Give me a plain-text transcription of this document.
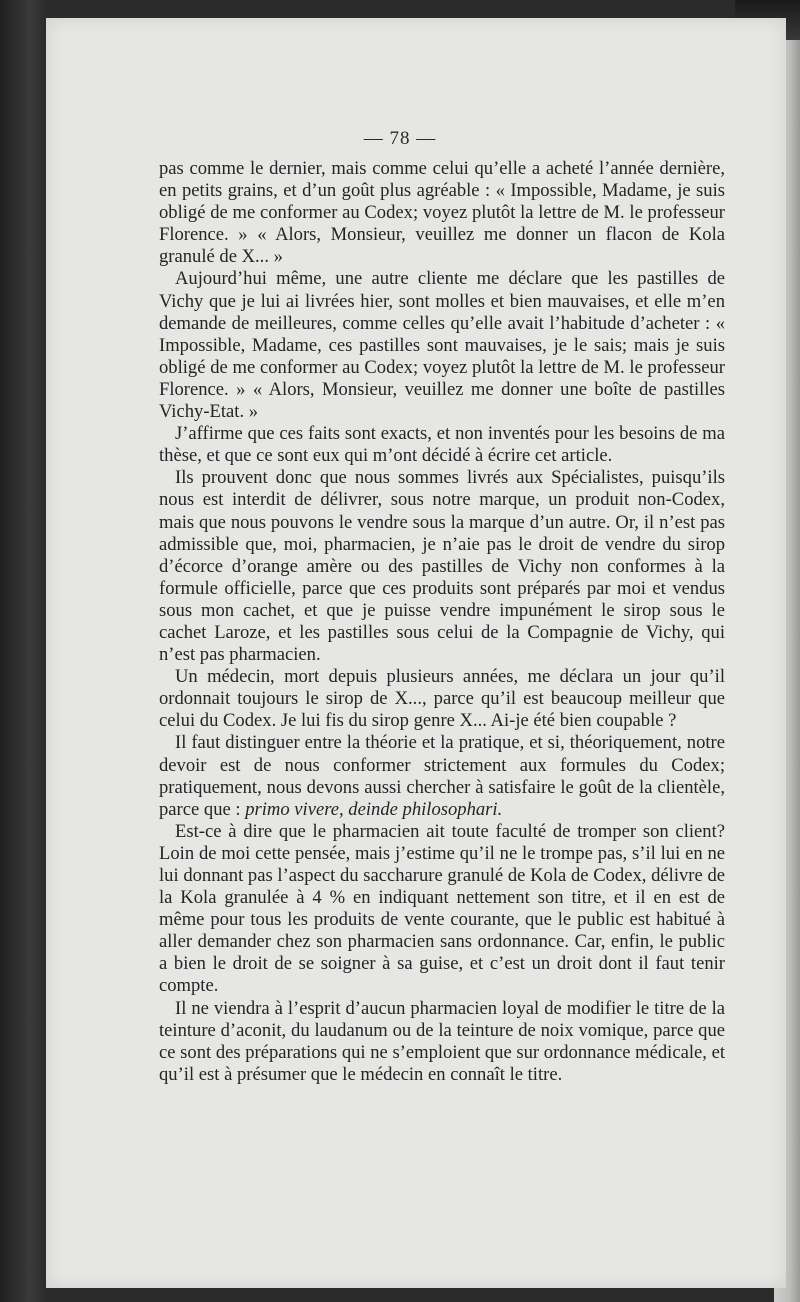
— 78 —

pas comme le dernier, mais comme celui qu’elle a acheté l’année dernière, en petits grains, et d’un goût plus agréable : « Impossible, Madame, je suis obligé de me conformer au Codex; voyez plutôt la lettre de M. le professeur Florence. » « Alors, Monsieur, veuillez me donner un flacon de Kola granulé de X... »

Aujourd’hui même, une autre cliente me déclare que les pastilles de Vichy que je lui ai livrées hier, sont molles et bien mauvaises, et elle m’en demande de meilleures, comme celles qu’elle avait l’habitude d’acheter : « Impossible, Madame, ces pastilles sont mauvaises, je le sais; mais je suis obligé de me conformer au Codex; voyez plutôt la lettre de M. le professeur Florence. » « Alors, Monsieur, veuillez me donner une boîte de pastilles Vichy-Etat. »

J’affirme que ces faits sont exacts, et non inventés pour les besoins de ma thèse, et que ce sont eux qui m’ont décidé à écrire cet article.

Ils prouvent donc que nous sommes livrés aux Spécialistes, puisqu’ils nous est interdit de délivrer, sous notre marque, un produit non-Codex, mais que nous pouvons le vendre sous la marque d’un autre. Or, il n’est pas admissible que, moi, pharmacien, je n’aie pas le droit de vendre du sirop d’écorce d’orange amère ou des pastilles de Vichy non conformes à la formule officielle, parce que ces produits sont préparés par moi et vendus sous mon cachet, et que je puisse vendre impunément le sirop sous le cachet Laroze, et les pastilles sous celui de la Compagnie de Vichy, qui n’est pas pharmacien.

Un médecin, mort depuis plusieurs années, me déclara un jour qu’il ordonnait toujours le sirop de X..., parce qu’il est beaucoup meilleur que celui du Codex. Je lui fis du sirop genre X... Ai-je été bien coupable ?

Il faut distinguer entre la théorie et la pratique, et si, théoriquement, notre devoir est de nous conformer strictement aux formules du Codex; pratiquement, nous devons aussi chercher à satisfaire le goût de la clientèle, parce que : primo vivere, deinde philosophari.

Est-ce à dire que le pharmacien ait toute faculté de tromper son client? Loin de moi cette pensée, mais j’estime qu’il ne le trompe pas, s’il lui en ne lui donnant pas l’aspect du saccharure granulé de Kola de Codex, délivre de la Kola granulée à 4 % en indiquant nettement son titre, et il en est de même pour tous les produits de vente courante, que le public est habitué à aller demander chez son pharmacien sans ordonnance. Car, enfin, le public a bien le droit de se soigner à sa guise, et c’est un droit dont il faut tenir compte.

Il ne viendra à l’esprit d’aucun pharmacien loyal de modifier le titre de la teinture d’aconit, du laudanum ou de la teinture de noix vomique, parce que ce sont des préparations qui ne s’emploient que sur ordonnance médicale, et qu’il est à présumer que le médecin en connaît le titre.
